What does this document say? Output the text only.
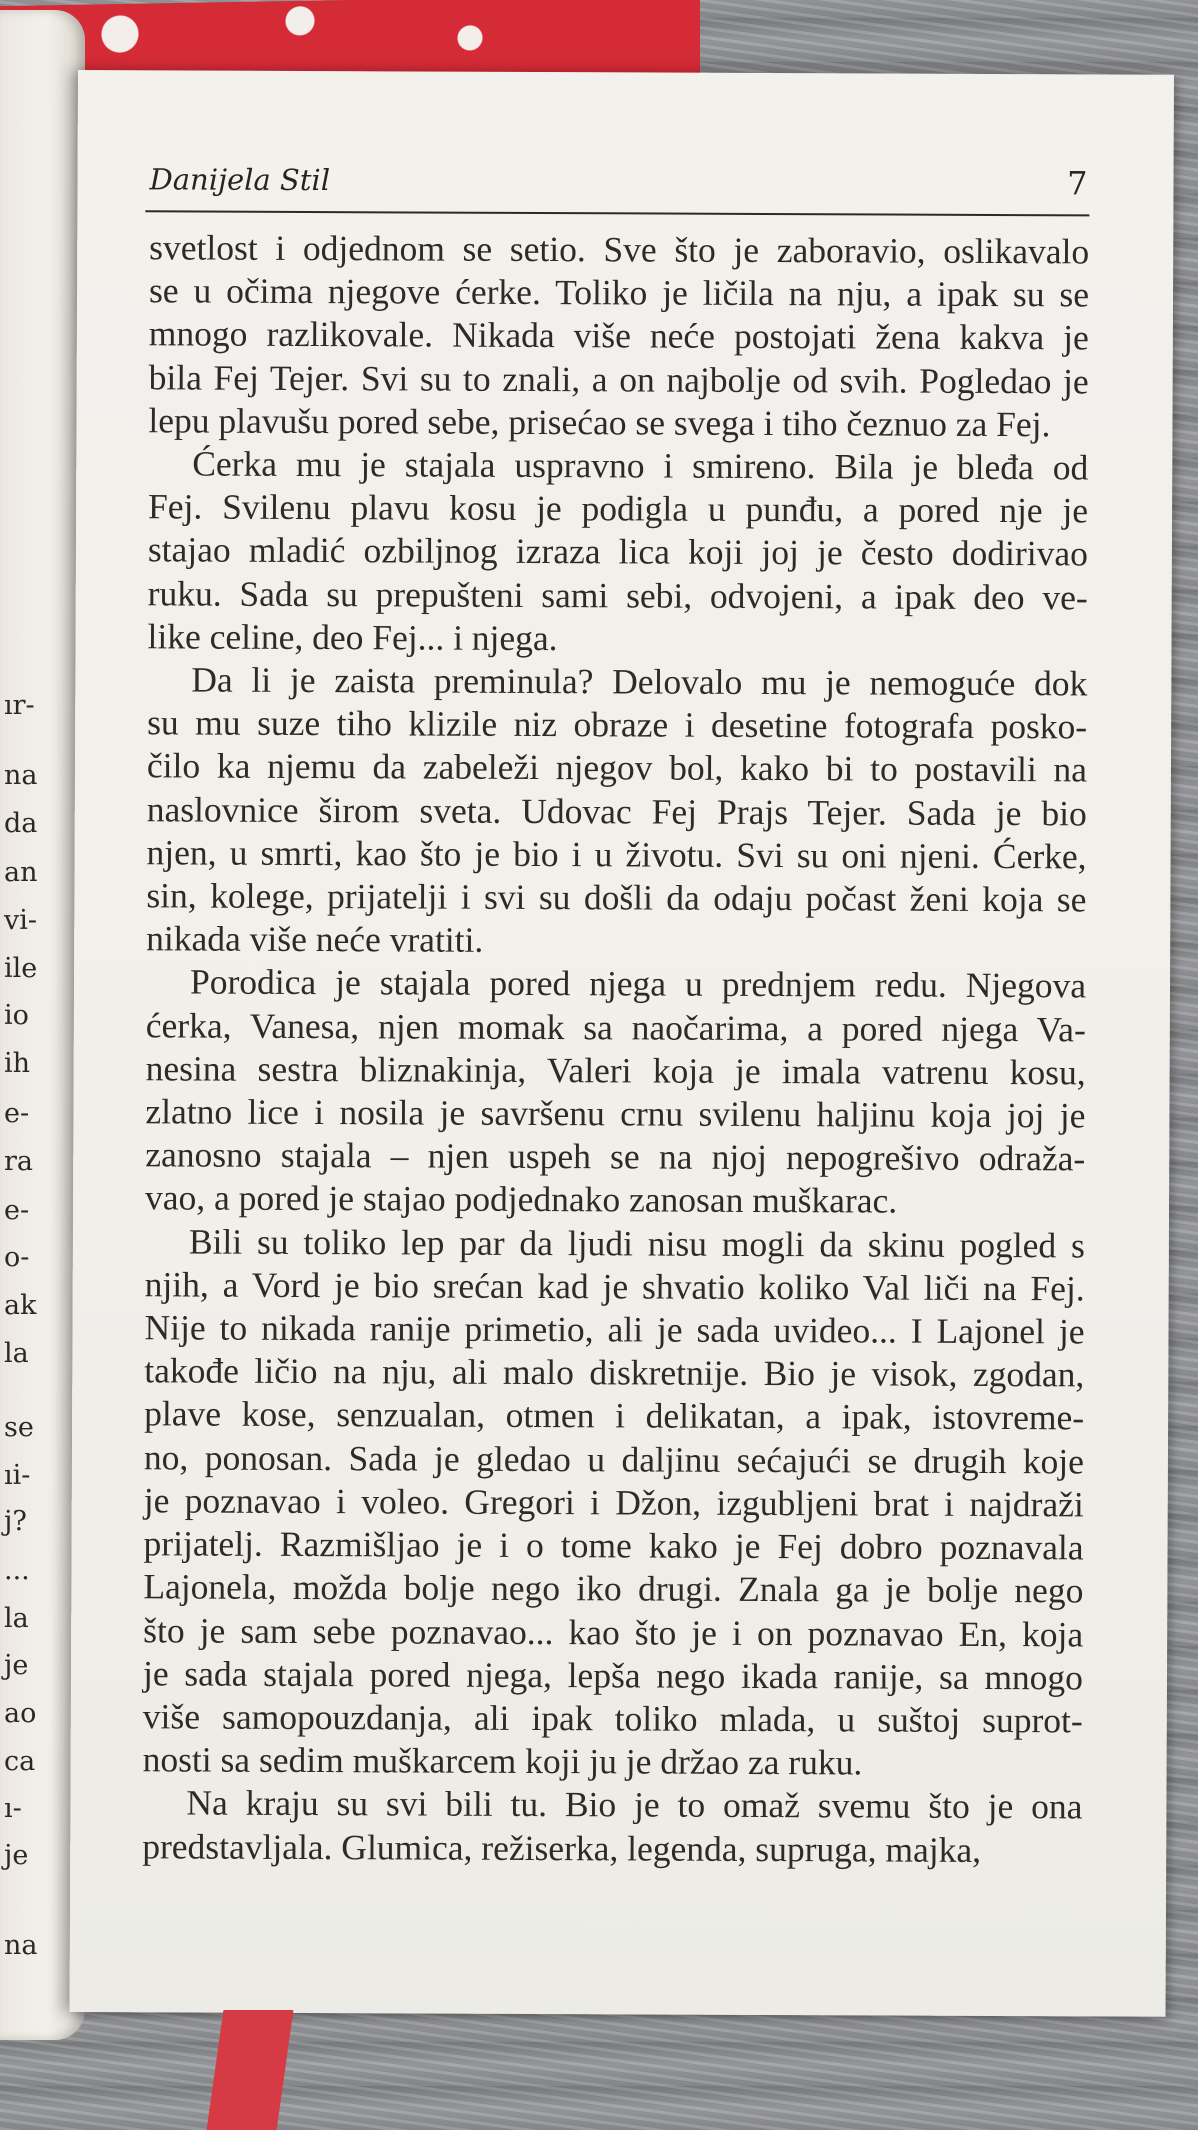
ır-
na
da
an
vi-
ile
io
ih
e-
ra
e-
o-
ak
la
se
ıi-
j?
...
la
je
ao
ca
ı-
je
na
Danijela Stil	7
svetlost i odjednom se setio. Sve što je zaboravio, oslikavalo
se u očima njegove ćerke. Toliko je ličila na nju, a ipak su se
mnogo razlikovale. Nikada više neće postojati žena kakva je
bila Fej Tejer. Svi su to znali, a on najbolje od svih. Pogledao je
lepu plavušu pored sebe, prisećao se svega i tiho čeznuo za Fej.
Ćerka mu je stajala uspravno i smireno. Bila je bleđa od
Fej. Svilenu plavu kosu je podigla u punđu, a pored nje je
stajao mladić ozbiljnog izraza lica koji joj je često dodirivao
ruku. Sada su prepušteni sami sebi, odvojeni, a ipak deo ve-
like celine, deo Fej... i njega.
Da li je zaista preminula? Delovalo mu je nemoguće dok
su mu suze tiho klizile niz obraze i desetine fotografa posko-
čilo ka njemu da zabeleži njegov bol, kako bi to postavili na
naslovnice širom sveta. Udovac Fej Prajs Tejer. Sada je bio
njen, u smrti, kao što je bio i u životu. Svi su oni njeni. Ćerke,
sin, kolege, prijatelji i svi su došli da odaju počast ženi koja se
nikada više neće vratiti.
Porodica je stajala pored njega u prednjem redu. Njegova
ćerka, Vanesa, njen momak sa naočarima, a pored njega Va-
nesina sestra bliznakinja, Valeri koja je imala vatrenu kosu,
zlatno lice i nosila je savršenu crnu svilenu haljinu koja joj je
zanosno stajala – njen uspeh se na njoj nepogrešivo odraža-
vao, a pored je stajao podjednako zanosan muškarac.
Bili su toliko lep par da ljudi nisu mogli da skinu pogled s
njih, a Vord je bio srećan kad je shvatio koliko Val liči na Fej.
Nije to nikada ranije primetio, ali je sada uvideo... I Lajonel je
takođe ličio na nju, ali malo diskretnije. Bio je visok, zgodan,
plave kose, senzualan, otmen i delikatan, a ipak, istovreme-
no, ponosan. Sada je gledao u daljinu sećajući se drugih koje
je poznavao i voleo. Gregori i Džon, izgubljeni brat i najdraži
prijatelj. Razmišljao je i o tome kako je Fej dobro poznavala
Lajonela, možda bolje nego iko drugi. Znala ga je bolje nego
što je sam sebe poznavao... kao što je i on poznavao En, koja
je sada stajala pored njega, lepša nego ikada ranije, sa mnogo
više samopouzdanja, ali ipak toliko mlada, u suštoj suprot-
nosti sa sedim muškarcem koji ju je držao za ruku.
Na kraju su svi bili tu. Bio je to omaž svemu što je ona
predstavljala. Glumica, režiserka, legenda, supruga, majka,
